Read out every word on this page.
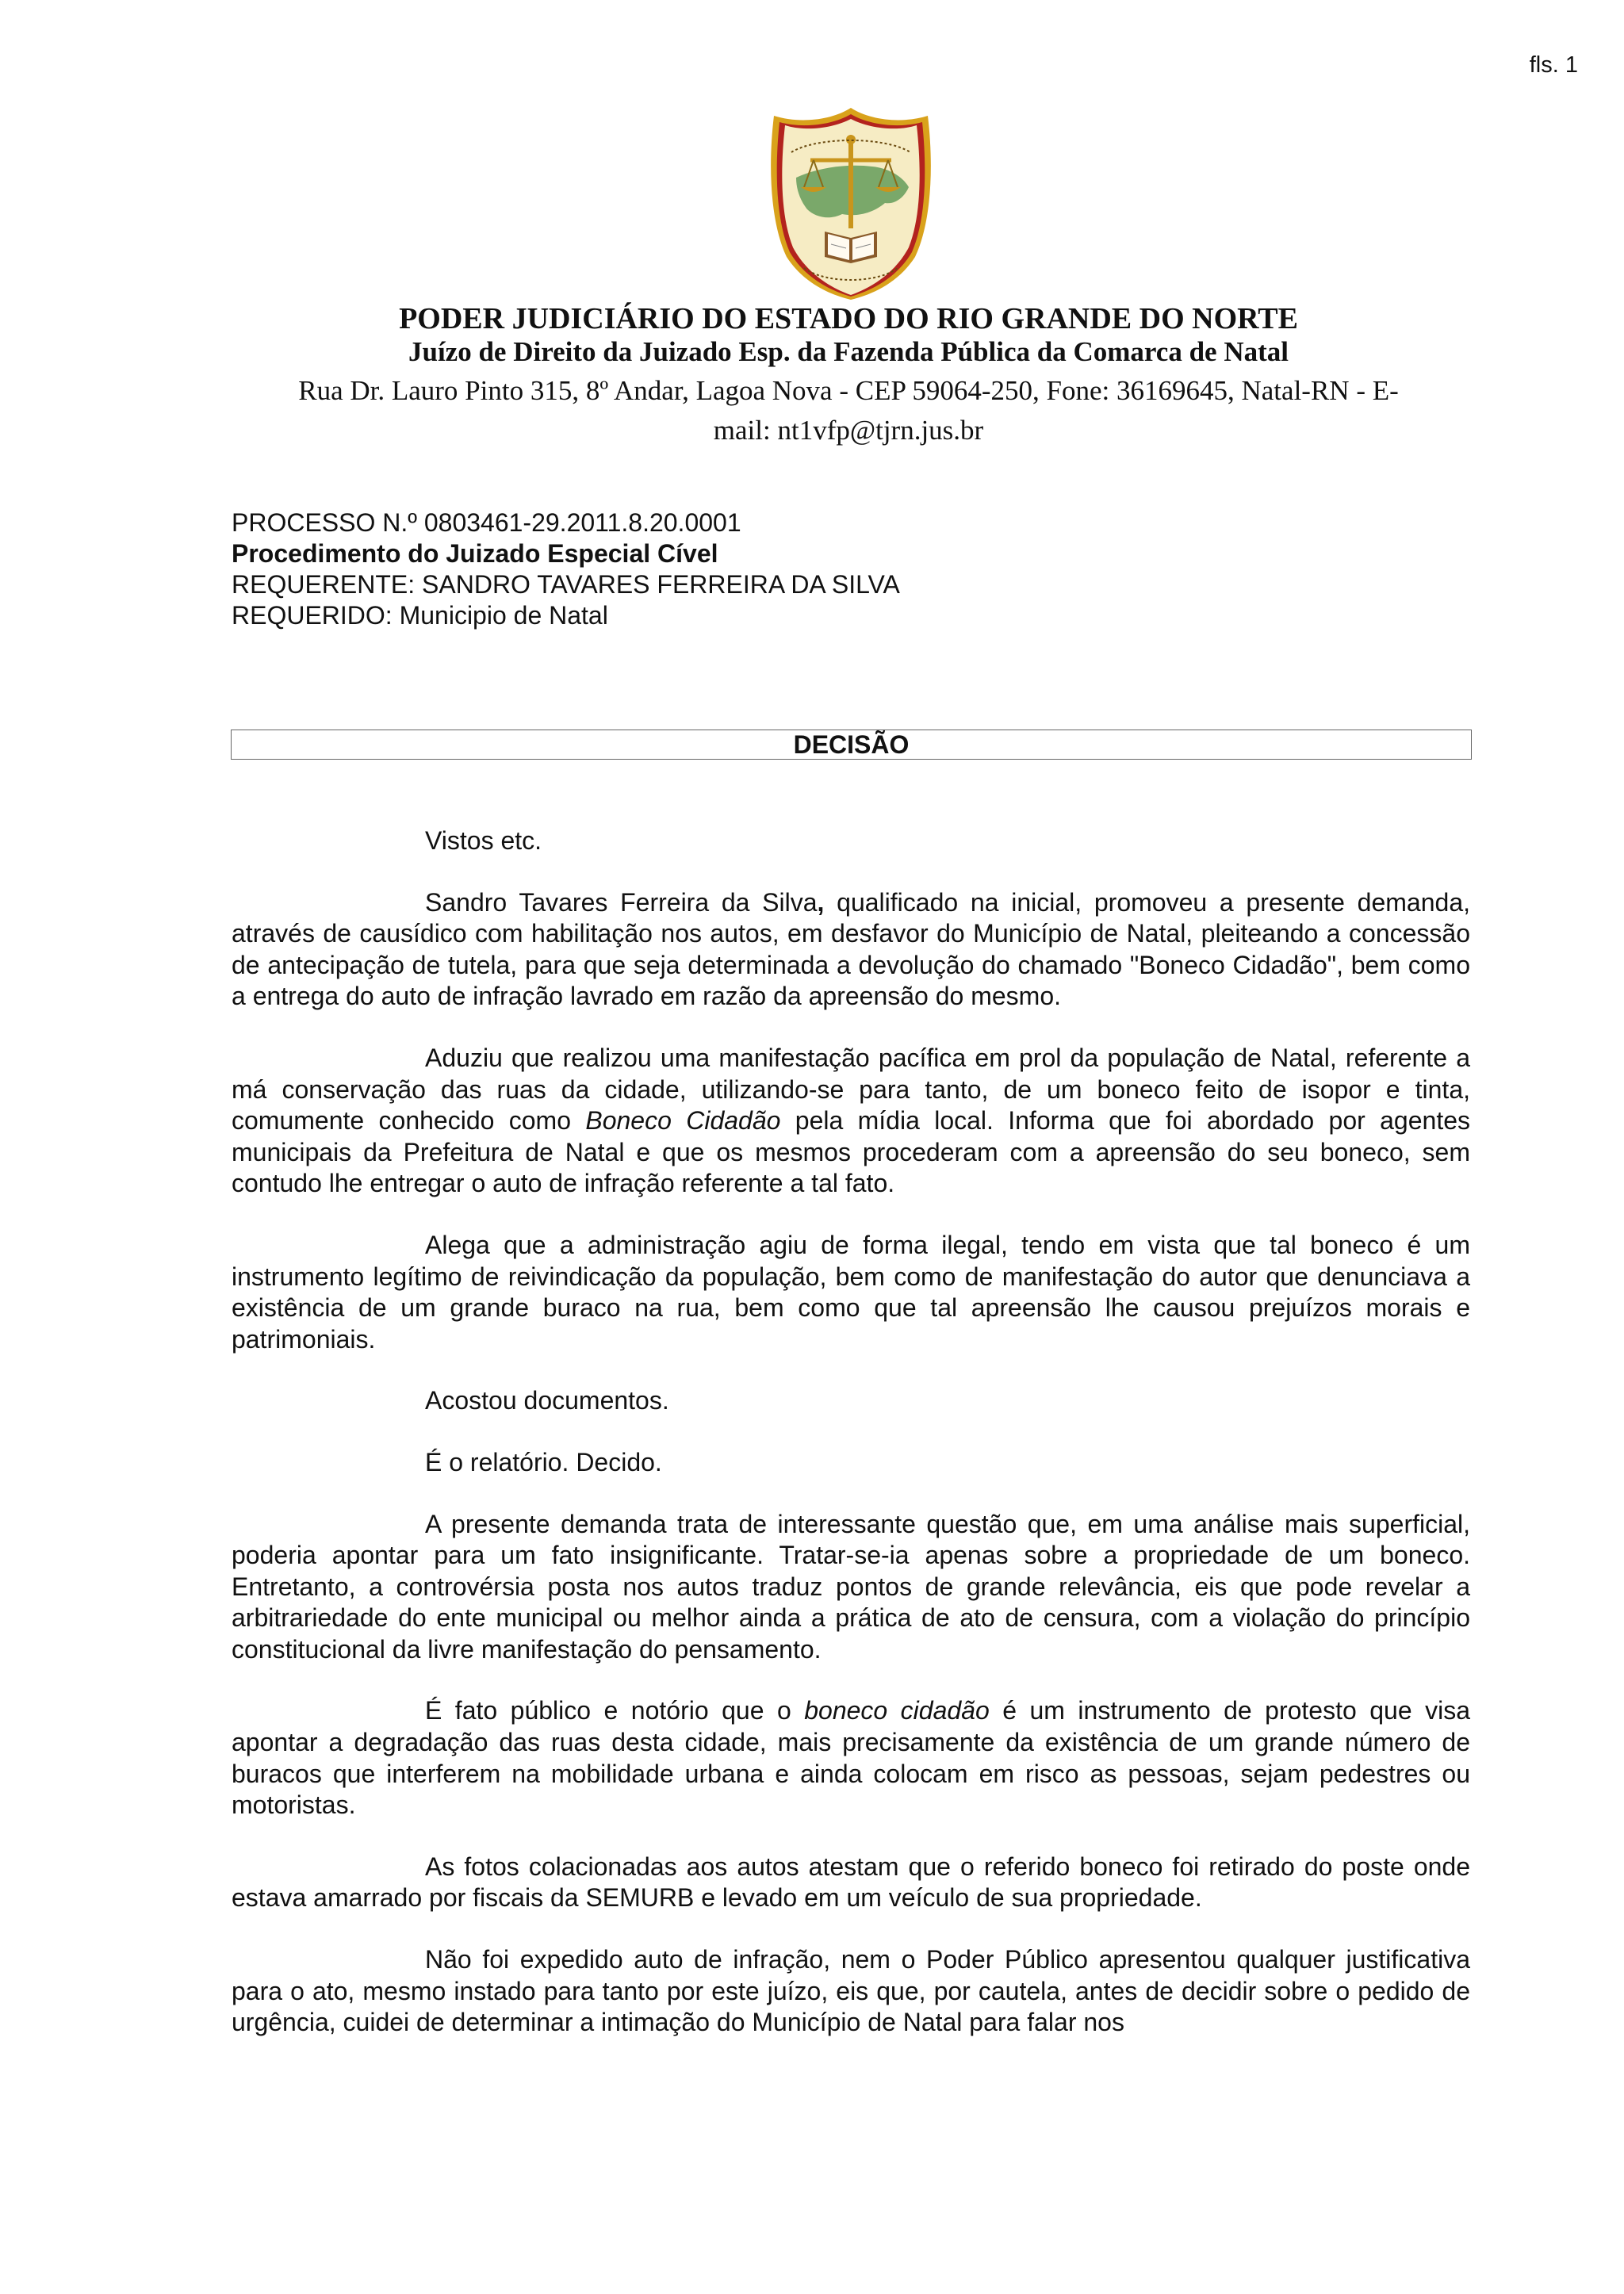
fls. 1
PODER JUDICIÁRIO DO ESTADO DO RIO GRANDE DO NORTE
Juízo de Direito da Juizado Esp. da Fazenda Pública da Comarca de Natal
Rua Dr. Lauro Pinto 315, 8º Andar, Lagoa Nova - CEP 59064-250, Fone: 36169645, Natal-RN - E-
mail: nt1vfp@tjrn.jus.br
PROCESSO N.º 0803461-29.2011.8.20.0001
Procedimento do Juizado Especial Cível
REQUERENTE: SANDRO TAVARES FERREIRA DA SILVA
REQUERIDO: Municipio de Natal
DECISÃO

Vistos etc.

Sandro Tavares Ferreira da Silva, qualificado na inicial, promoveu a presente demanda, através de causídico com habilitação nos autos, em desfavor do Município de Natal, pleiteando a concessão de antecipação de tutela, para que seja determinada a devolução do chamado "Boneco Cidadão", bem como a entrega do auto de infração lavrado em razão da apreensão do mesmo.

Aduziu que realizou uma manifestação pacífica em prol da população de Natal, referente a má conservação das ruas da cidade, utilizando-se para tanto, de um boneco feito de isopor e tinta, comumente conhecido como Boneco Cidadão pela mídia local. Informa que foi abordado por agentes municipais da Prefeitura de Natal e que os mesmos procederam com a apreensão do seu boneco, sem contudo lhe entregar o auto de infração referente a tal fato.

Alega que a administração agiu de forma ilegal, tendo em vista que tal boneco é um instrumento legítimo de reivindicação da população, bem como de manifestação do autor que denunciava a existência de um grande buraco na rua, bem como que tal apreensão lhe causou prejuízos morais e patrimoniais.

Acostou documentos.

É o relatório. Decido.

A presente demanda trata de interessante questão que, em uma análise mais superficial, poderia apontar para um fato insignificante. Tratar-se-ia apenas sobre a propriedade de um boneco. Entretanto, a controvérsia posta nos autos traduz pontos de grande relevância, eis que pode revelar a arbitrariedade do ente municipal ou melhor ainda a prática de ato de censura, com a violação do princípio constitucional da livre manifestação do pensamento.

É fato público e notório que o boneco cidadão é um instrumento de protesto que visa apontar a degradação das ruas desta cidade, mais precisamente da existência de um grande número de buracos que interferem na mobilidade urbana e ainda colocam em risco as pessoas, sejam pedestres ou motoristas.

As fotos colacionadas aos autos atestam que o referido boneco foi retirado do poste onde estava amarrado por fiscais da SEMURB e levado em um veículo de sua propriedade.

Não foi expedido auto de infração, nem o Poder Público apresentou qualquer justificativa para o ato, mesmo instado para tanto por este juízo, eis que, por cautela, antes de decidir sobre o pedido de urgência, cuidei de determinar a intimação do Município de Natal para falar nos
